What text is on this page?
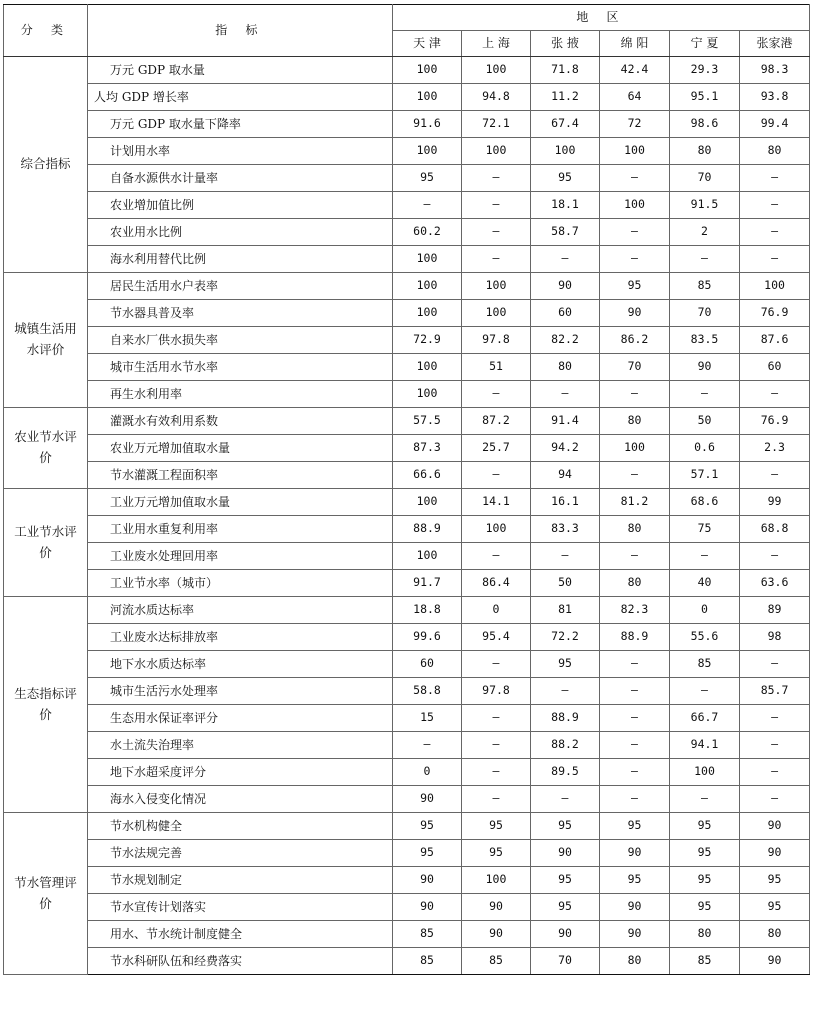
分 类	指 标	地 区					
		天 津	上 海	张 掖	绵 阳	宁 夏	张家港
综合指标	万元 GDP 取水量	100	100	71.8	42.4	29.3	98.3
	人均 GDP 增长率	100	94.8	11.2	64	95.1	93.8
	万元 GDP 取水量下降率	91.6	72.1	67.4	72	98.6	99.4
	计划用水率	100	100	100	100	80	80
	自备水源供水计量率	95	—	95	—	70	—
	农业增加值比例	—	—	18.1	100	91.5	—
	农业用水比例	60.2	—	58.7	—	2	—
	海水利用替代比例	100	—	—	—	—	—
城镇生活用水评价	居民生活用水户表率	100	100	90	95	85	100
	节水器具普及率	100	100	60	90	70	76.9
	自来水厂供水损失率	72.9	97.8	82.2	86.2	83.5	87.6
	城市生活用水节水率	100	51	80	70	90	60
	再生水利用率	100	—	—	—	—	—
农业节水评价	灌溉水有效利用系数	57.5	87.2	91.4	80	50	76.9
	农业万元增加值取水量	87.3	25.7	94.2	100	0.6	2.3
	节水灌溉工程面积率	66.6	—	94	—	57.1	—
工业节水评价	工业万元增加值取水量	100	14.1	16.1	81.2	68.6	99
	工业用水重复利用率	88.9	100	83.3	80	75	68.8
	工业废水处理回用率	100	—	—	—	—	—
	工业节水率（城市）	91.7	86.4	50	80	40	63.6
生态指标评价	河流水质达标率	18.8	0	81	82.3	0	89
	工业废水达标排放率	99.6	95.4	72.2	88.9	55.6	98
	地下水水质达标率	60	—	95	—	85	—
	城市生活污水处理率	58.8	97.8	—	—	—	85.7
	生态用水保证率评分	15	—	88.9	—	66.7	—
	水土流失治理率	—	—	88.2	—	94.1	—
	地下水超采度评分	0	—	89.5	—	100	—
	海水入侵变化情况	90	—	—	—	—	—
节水管理评价	节水机构健全	95	95	95	95	95	90
	节水法规完善	95	95	90	90	95	90
	节水规划制定	90	100	95	95	95	95
	节水宣传计划落实	90	90	95	90	95	95
	用水、节水统计制度健全	85	90	90	90	80	80
	节水科研队伍和经费落实	85	85	70	80	85	90
